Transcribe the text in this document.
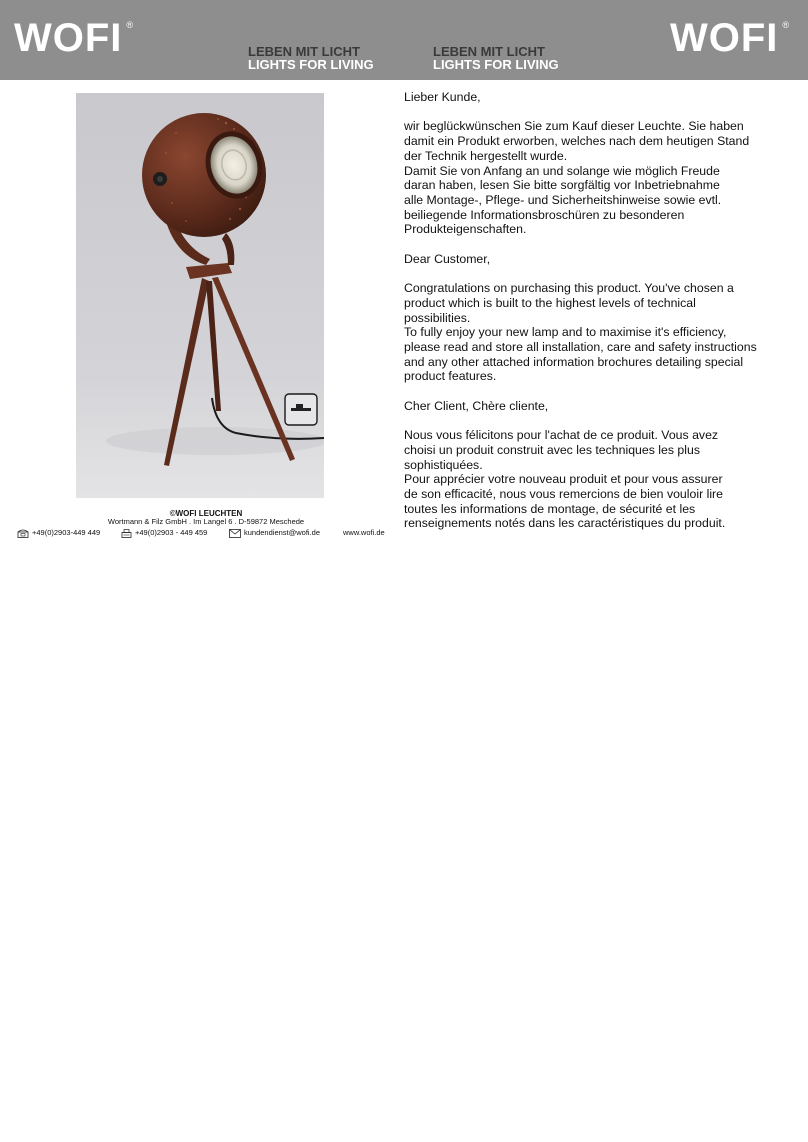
WOFI ®
LEBEN MIT LICHT
LIGHTS FOR LIVING
LEBEN MIT LICHT
LIGHTS FOR LIVING
WOFI ®
©WOFI LEUCHTEN
Wortmann & Filz GmbH . Im Langel 6 . D-59872 Meschede
+49(0)2903-449 449	+49(0)2903 - 449 459	kundendienst@wofi.de	www.wofi.de

Lieber Kunde,

wir beglückwünschen Sie zum Kauf dieser Leuchte. Sie haben

damit ein Produkt erworben, welches nach dem heutigen Stand

der Technik hergestellt wurde.

Damit Sie von Anfang an und solange wie möglich Freude

daran haben, lesen Sie bitte sorgfältig vor Inbetriebnahme

alle Montage-, Pflege- und Sicherheitshinweise sowie evtl.

beiliegende Informationsbroschüren zu besonderen

Produkteigenschaften.

Dear Customer,

Congratulations on purchasing this product. You've chosen a

product which is built to the highest levels of technical

possibilities.

To fully enjoy your new lamp and to maximise it's efficiency,

please read and store all installation, care and safety instructions

and any other attached information brochures detailing special

product features.

Cher Client, Chère cliente,

Nous vous félicitons pour l'achat de ce produit. Vous avez

choisi un produit construit avec les techniques les plus

sophistiquées.

Pour apprécier votre nouveau produit et pour vous assurer

de son efficacité, nous vous remercions de bien vouloir lire

toutes les informations de montage, de sécurité et les

renseignements notés dans les caractéristiques du produit.
